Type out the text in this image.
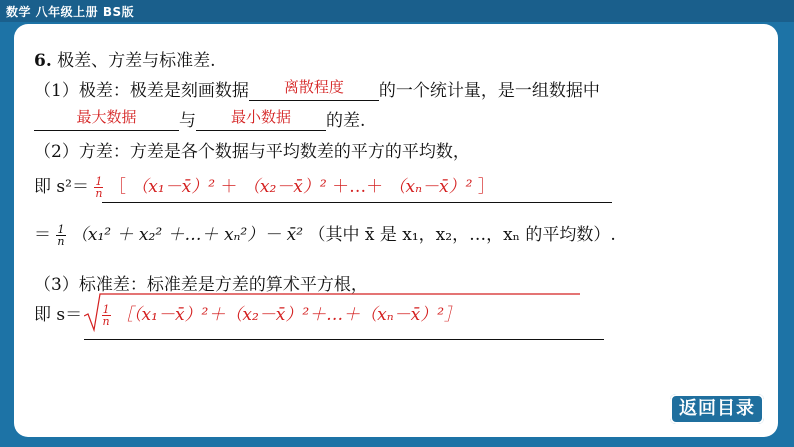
数学 八年级上册 BS版
6. 极差、方差与标准差.
（1）极差：极差是刻画数据 离散程度 的一个统计量，是一组数据中
最大数据	与 最小数据 的差.
（2）方差：方差是各个数据与平均数差的平方的平均数，
即 $s^2= \frac{1}{n}$ ［ （x₁－x̄）² ＋ （x₂－x̄）² ＋…＋ （xₙ－x̄）² ］
＝ $\frac{1}{n} (x_1^2 + x_2^2$ ＋…＋ xₙ²）－ x̄² （其中 x̄ 是 x₁，x₂，…，xₙ 的平均数）.
（3）标准差：标准差是方差的算术平方根，
即 $s= \frac{1}{n}$ ［（x₁－x̄）²＋（x₂－x̄）²＋…＋（xₙ－x̄）²］
返回目录
